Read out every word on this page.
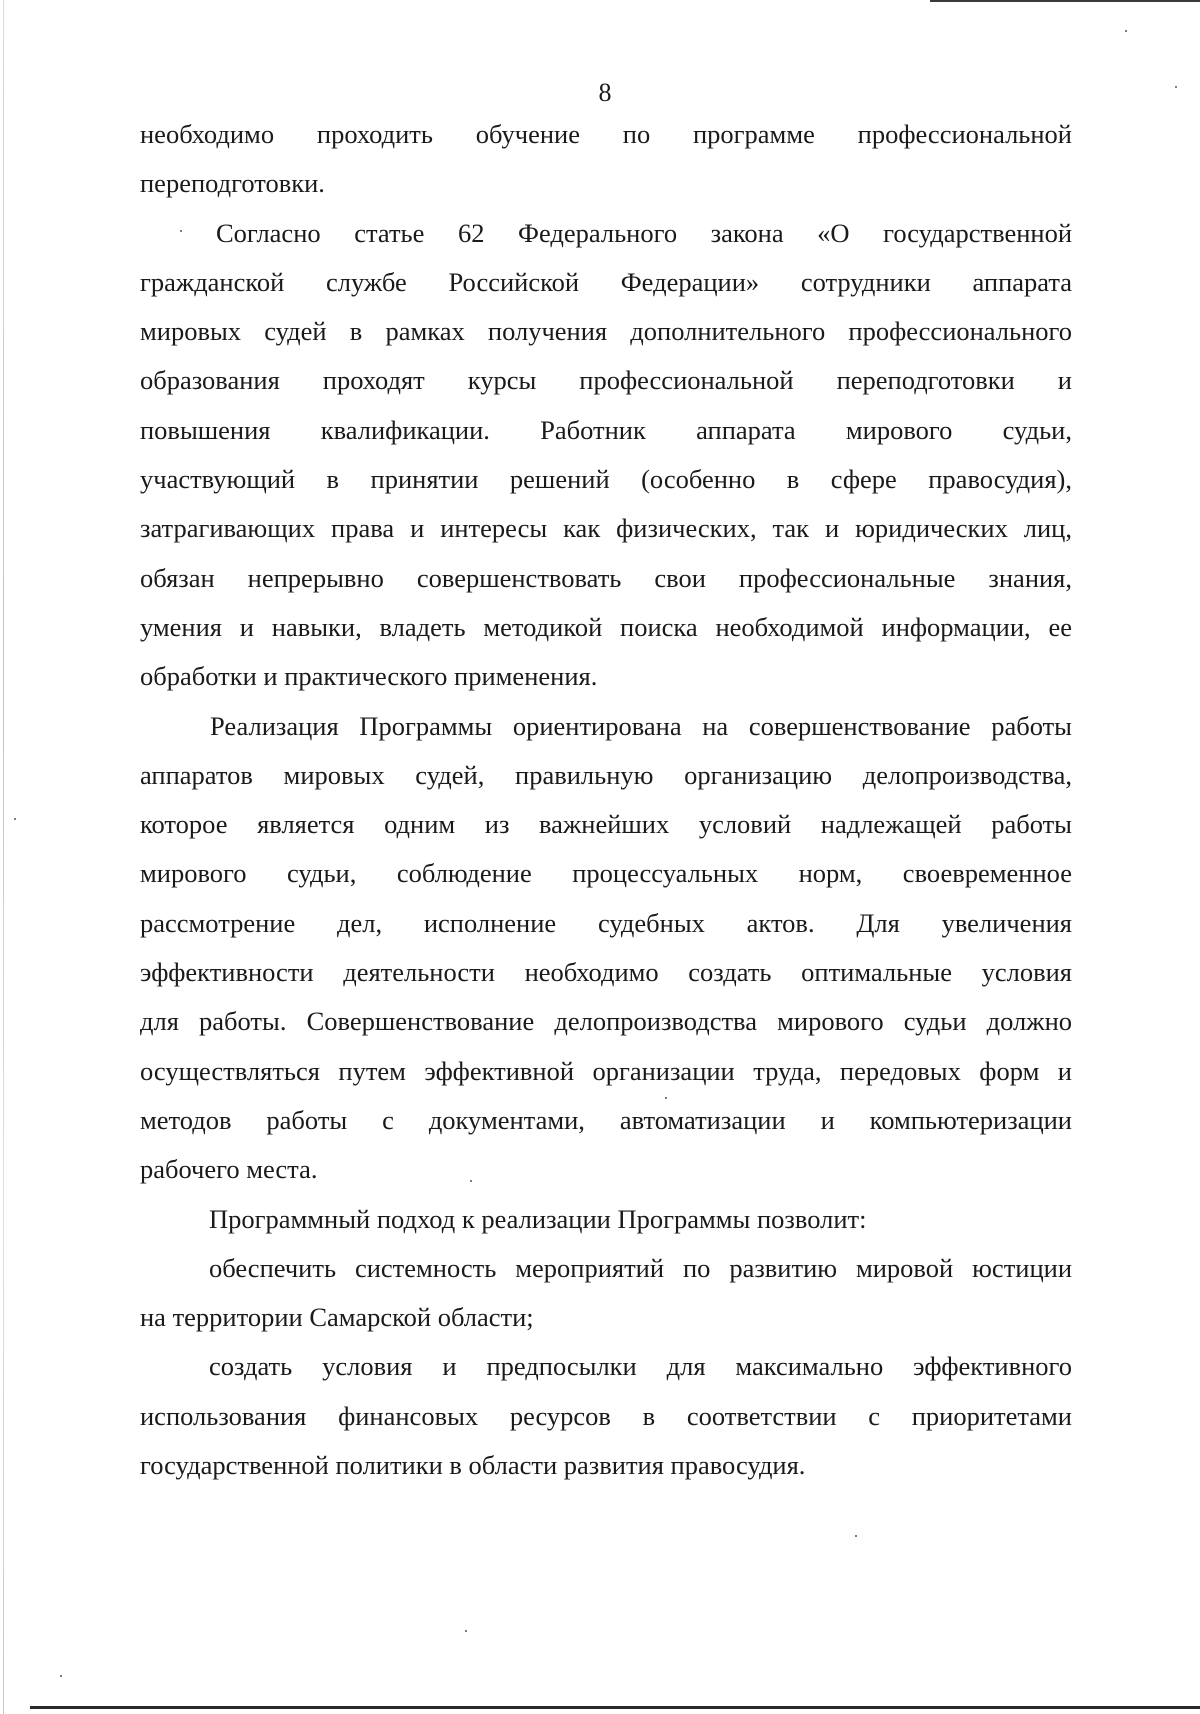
8
необходимо проходить обучение по программе профессиональной
переподготовки.
Согласно статье 62 Федерального закона «О государственной
гражданской службе Российской Федерации» сотрудники аппарата
мировых судей в рамках получения дополнительного профессионального
образования проходят курсы профессиональной переподготовки и
повышения квалификации. Работник аппарата мирового судьи,
участвующий в принятии решений (особенно в сфере правосудия),
затрагивающих права и интересы как физических, так и юридических лиц,
обязан непрерывно совершенствовать свои профессиональные знания,
умения и навыки, владеть методикой поиска необходимой информации, ее
обработки и практического применения.
Реализация Программы ориентирована на совершенствование работы
аппаратов мировых судей, правильную организацию делопроизводства,
которое является одним из важнейших условий надлежащей работы
мирового судьи, соблюдение процессуальных норм, своевременное
рассмотрение дел, исполнение судебных актов. Для увеличения
эффективности деятельности необходимо создать оптимальные условия
для работы. Совершенствование делопроизводства мирового судьи должно
осуществляться путем эффективной организации труда, передовых форм и
методов работы с документами, автоматизации и компьютеризации
рабочего места.
Программный подход к реализации Программы позволит:
обеспечить системность мероприятий по развитию мировой юстиции
на территории Самарской области;
создать условия и предпосылки для максимально эффективного
использования финансовых ресурсов в соответствии с приоритетами
государственной политики в области развития правосудия.
